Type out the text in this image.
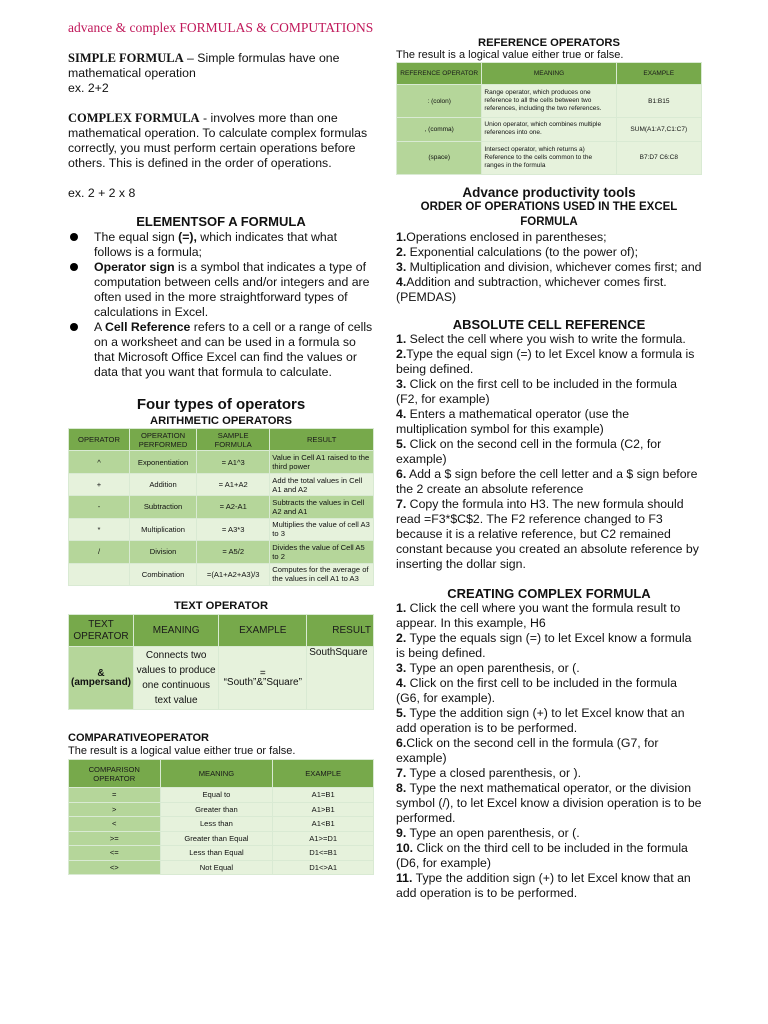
advance & complex FORMULAS & COMPUTATIONS
SIMPLE FORMULA – Simple formulas have one mathematical operation
ex. 2+2
COMPLEX FORMULA - involves more than one mathematical operation. To calculate complex formulas correctly, you must perform certain operations before others. This is defined in the order of operations.
ex. 2 + 2 x 8
ELEMENTSOF A FORMULA
The equal sign (=), which indicates that what follows is a formula;
Operator sign is a symbol that indicates a type of computation between cells and/or integers and are often used in the more straightforward types of calculations in Excel.
A Cell Reference refers to a cell or a range of cells on a worksheet and can be used in a formula so that Microsoft Office Excel can find the values or data that you want that formula to calculate.
Four types of operators
ARITHMETIC OPERATORS
OPERATOR	OPERATION PERFORMED	SAMPLE FORMULA	RESULT
^	Exponentiation	= A1^3	Value in Cell A1 raised to the third power
+	Addition	= A1+A2	Add the total values in Cell A1 and A2
-	Subtraction	= A2-A1	Subtracts the values in Cell A2 and A1
*	Multiplication	= A3*3	Multiplies the value of cell A3 to 3
/	Division	= A5/2	Divides the value of Cell A5 to 2
	Combination	=(A1+A2+A3)/3	Computes for the average of the values in cell A1 to A3
TEXT OPERATOR
TEXT OPERATOR	MEANING	EXAMPLE	RESULT
& (ampersand)	Connects two values to produce one continuous text value	= “South”&”Square”	SouthSquare
COMPARATIVEOPERATOR
The result is a logical value either true or false.
COMPARISON OPERATOR	MEANING	EXAMPLE
=	Equal to	A1=B1
>	Greater than	A1>B1
<	Less than	A1<B1
>=	Greater than Equal	A1>=D1
<=	Less than Equal	D1<=B1
<>	Not Equal	D1<>A1
REFERENCE OPERATORS
The result is a logical value either true or false.
REFERENCE OPERATOR	MEANING	EXAMPLE
: (colon)	Range operator, which produces one reference to all the cells between two references, including the two references.	B1:B15
, (comma)	Union operator, which combines multiple references into one.	SUM(A1:A7,C1:C7)
(space)	Intersect operator, which returns a) Reference to the cells common to the ranges in the formula	B7:D7 C6:C8
Advance productivity tools
ORDER OF OPERATIONS USED IN THE EXCEL FORMULA
1.Operations enclosed in parentheses;
2. Exponential calculations (to the power of);
3. Multiplication and division, whichever comes first; and
4.Addition and subtraction, whichever comes first. (PEMDAS)
ABSOLUTE CELL REFERENCE
1. Select the cell where you wish to write the formula.
2.Type the equal sign (=) to let Excel know a formula is being defined.
3. Click on the first cell to be included in the formula (F2, for example)
4. Enters a mathematical operator (use the multiplication symbol for this example)
5. Click on the second cell in the formula (C2, for example)
6. Add a $ sign before the cell letter and a $ sign before the 2 create an absolute reference
7. Copy the formula into H3. The new formula should read =F3*$C$2. The F2 reference changed to F3 because it is a relative reference, but C2 remained constant because you created an absolute reference by inserting the dollar sign.
CREATING COMPLEX FORMULA
1. Click the cell where you want the formula result to appear. In this example, H6
2. Type the equals sign (=) to let Excel know a formula is being defined.
3. Type an open parenthesis, or (.
4. Click on the first cell to be included in the formula (G6, for example).
5. Type the addition sign (+) to let Excel know that an add operation is to be performed.
6.Click on the second cell in the formula (G7, for example)
7. Type a closed parenthesis, or ).
8. Type the next mathematical operator, or the division symbol (/), to let Excel know a division operation is to be performed.
9. Type an open parenthesis, or (.
10. Click on the third cell to be included in the formula (D6, for example)
11. Type the addition sign (+) to let Excel know that an add operation is to be performed.
